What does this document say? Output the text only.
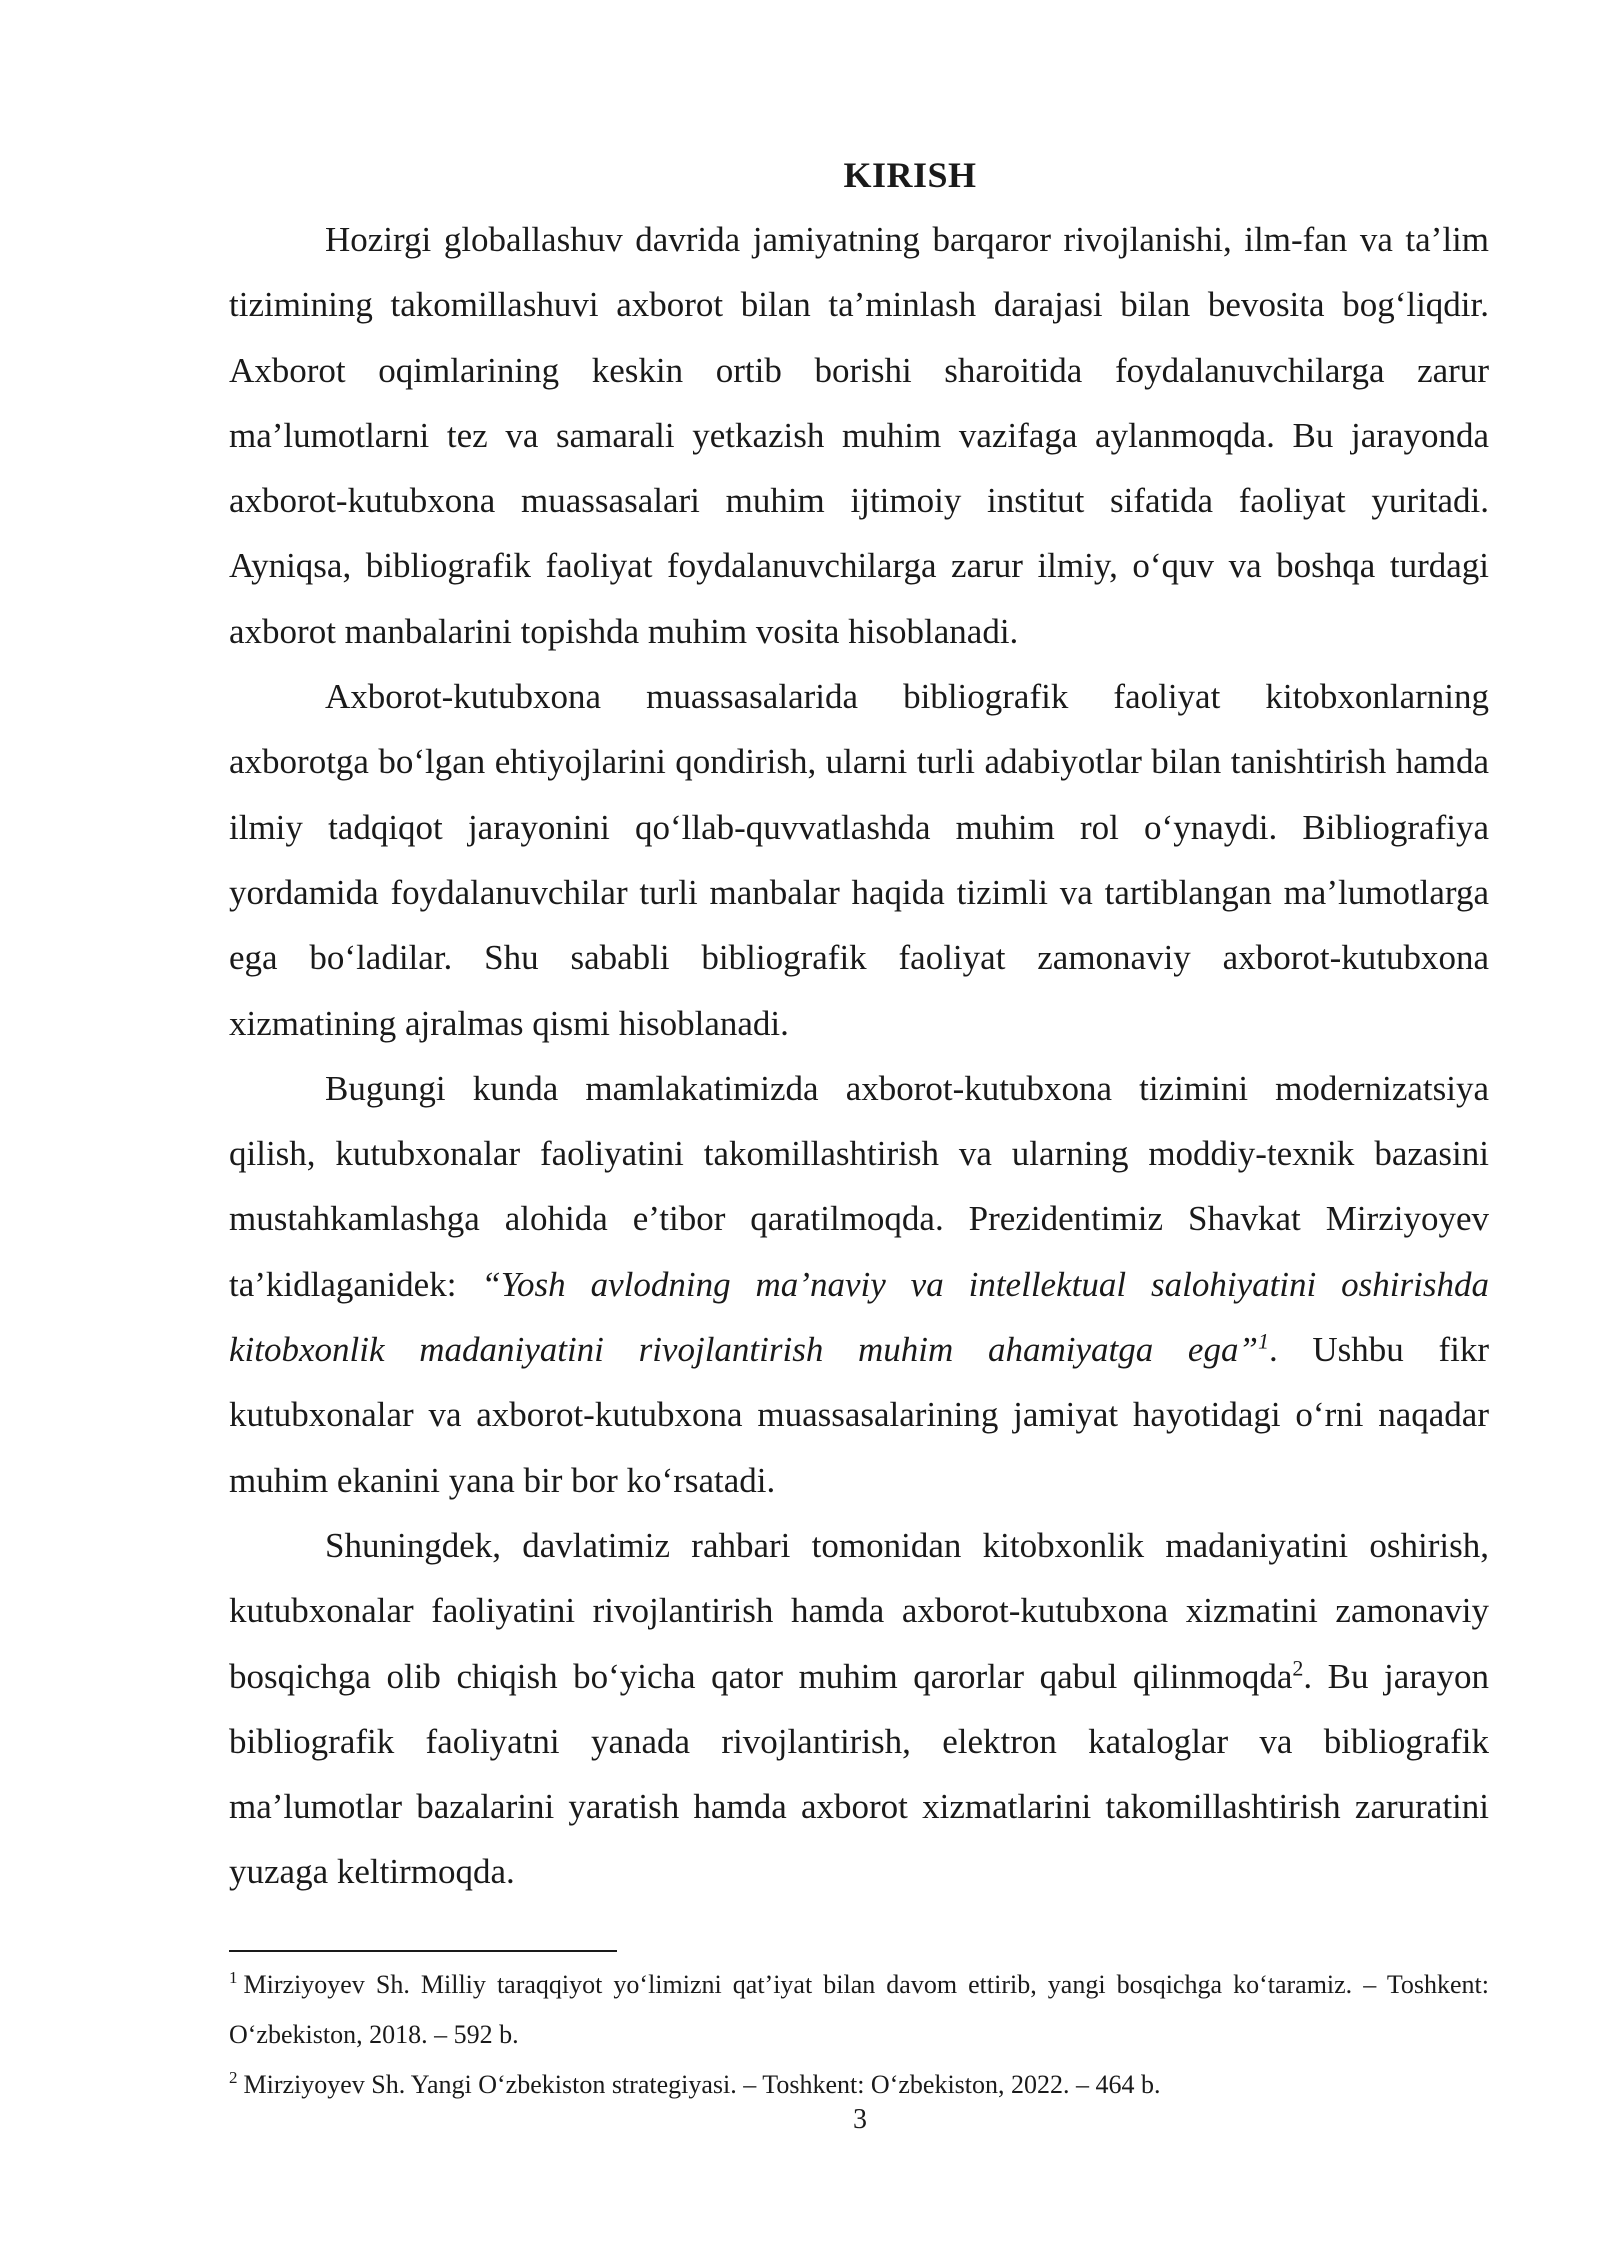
KIRISH

Hozirgi globallashuv davrida jamiyatning barqaror rivojlanishi, ilm-fan va ta’lim tizimining takomillashuvi axborot bilan ta’minlash darajasi bilan bevosita bog‘liqdir. Axborot oqimlarining keskin ortib borishi sharoitida foydalanuvchilarga zarur ma’lumotlarni tez va samarali yetkazish muhim vazifaga aylanmoqda. Bu jarayonda axborot-kutubxona muassasalari muhim ijtimoiy institut sifatida faoliyat yuritadi. Ayniqsa, bibliografik faoliyat foydalanuvchilarga zarur ilmiy, o‘quv va boshqa turdagi axborot manbalarini topishda muhim vosita hisoblanadi.

Axborot-kutubxona muassasalarida bibliografik faoliyat kitobxonlarning axborotga bo‘lgan ehtiyojlarini qondirish, ularni turli adabiyotlar bilan tanishtirish hamda ilmiy tadqiqot jarayonini qo‘llab-quvvatlashda muhim rol o‘ynaydi. Bibliografiya yordamida foydalanuvchilar turli manbalar haqida tizimli va tartiblangan ma’lumotlarga ega bo‘ladilar. Shu sababli bibliografik faoliyat zamonaviy axborot-kutubxona xizmatining ajralmas qismi hisoblanadi.

Bugungi kunda mamlakatimizda axborot-kutubxona tizimini modernizatsiya qilish, kutubxonalar faoliyatini takomillashtirish va ularning moddiy-texnik bazasini mustahkamlashga alohida e’tibor qaratilmoqda. Prezidentimiz Shavkat Mirziyoyev ta’kidlaganidek: “Yosh avlodning ma’naviy va intellektual salohiyatini oshirishda kitobxonlik madaniyatini rivojlantirish muhim ahamiyatga ega”$^1$. Ushbu fikr kutubxonalar va axborot-kutubxona muassasalarining jamiyat hayotidagi o‘rni naqadar muhim ekanini yana bir bor ko‘rsatadi.

Shuningdek, davlatimiz rahbari tomonidan kitobxonlik madaniyatini oshirish, kutubxonalar faoliyatini rivojlantirish hamda axborot-kutubxona xizmatini zamonaviy bosqichga olib chiqish bo‘yicha qator muhim qarorlar qabul qilinmoqda$^2$. Bu jarayon bibliografik faoliyatni yanada rivojlantirish, elektron kataloglar va bibliografik ma’lumotlar bazalarini yaratish hamda axborot xizmatlarini takomillashtirish zaruratini yuzaga keltirmoqda.

$^1$ Mirziyoyev Sh. Milliy taraqqiyot yo‘limizni qat’iyat bilan davom ettirib, yangi bosqichga ko‘taramiz. – Toshkent: O‘zbekiston, 2018. – 592 b.

$^2$ Mirziyoyev Sh. Yangi O‘zbekiston strategiyasi. – Toshkent: O‘zbekiston, 2022. – 464 b.

3
